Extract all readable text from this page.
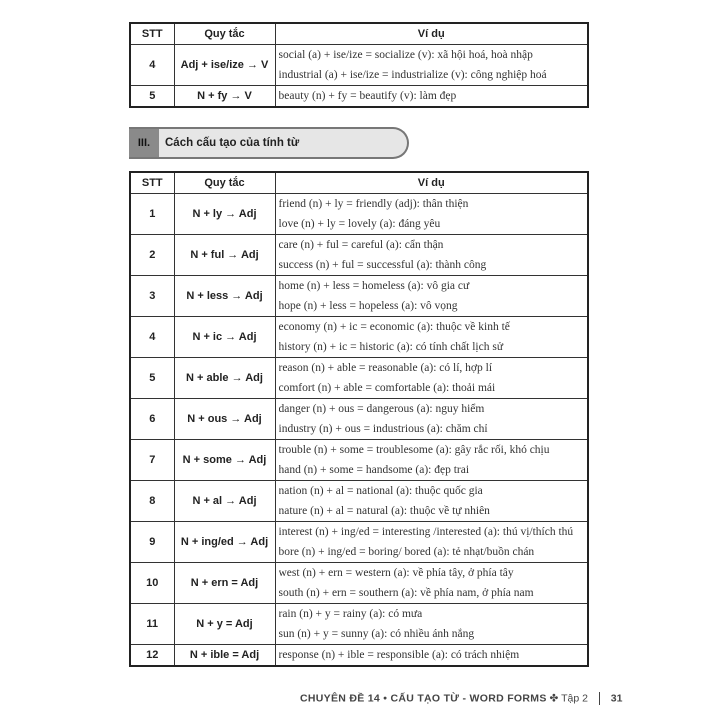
STT	Quy tắc	Ví dụ
4	Adj + ise/ize → V	social (a) + ise/ize = socialize (v): xã hội hoá, hoà nhập
industrial (a) + ise/ize = industrialize (v): công nghiệp hoá

5	N + fy → V	beauty (n) + fy = beautify (v): làm đẹp
III.	Cách cấu tạo của tính từ
STT	Quy tắc	Ví dụ
1	N + ly → Adj	friend (n) + ly = friendly (adj): thân thiện
love (n) + ly = lovely (a): đáng yêu

2	N + ful → Adj	care (n) + ful = careful (a): cẩn thận
success (n) + ful = successful (a): thành công

3	N + less → Adj	home (n) + less = homeless (a): vô gia cư
hope (n) + less = hopeless (a): vô vọng

4	N + ic → Adj	economy (n) + ic = economic (a): thuộc về kinh tế
history (n) + ic = historic (a): có tính chất lịch sử

5	N + able → Adj	reason (n) + able = reasonable (a): có lí, hợp lí
comfort (n) + able = comfortable (a): thoải mái

6	N + ous → Adj	danger (n) + ous = dangerous (a): nguy hiểm
industry (n) + ous = industrious (a): chăm chỉ

7	N + some → Adj	trouble (n) + some = troublesome (a): gây rắc rối, khó chịu
hand (n) + some = handsome (a): đẹp trai

8	N + al → Adj	nation (n) + al = national (a): thuộc quốc gia
nature (n) + al = natural (a): thuộc về tự nhiên

9	N + ing/ed → Adj	interest (n) + ing/ed = interesting /interested (a): thú vị/thích thú
bore (n) + ing/ed = boring/ bored (a): tẻ nhạt/buồn chán

10	N + ern = Adj	west (n) + ern = western (a): về phía tây, ở phía tây
south (n) + ern = southern (a): về phía nam, ở phía nam

11	N + y = Adj	rain (n) + y = rainy (a): có mưa
sun (n) + y = sunny (a): có nhiều ánh nắng

12	N + ible = Adj	response (n) + ible = responsible (a): có trách nhiệm
CHUYÊN ĐỀ 14 • CẤU TẠO TỪ - WORD FORMS ✤ Tập 2 31
